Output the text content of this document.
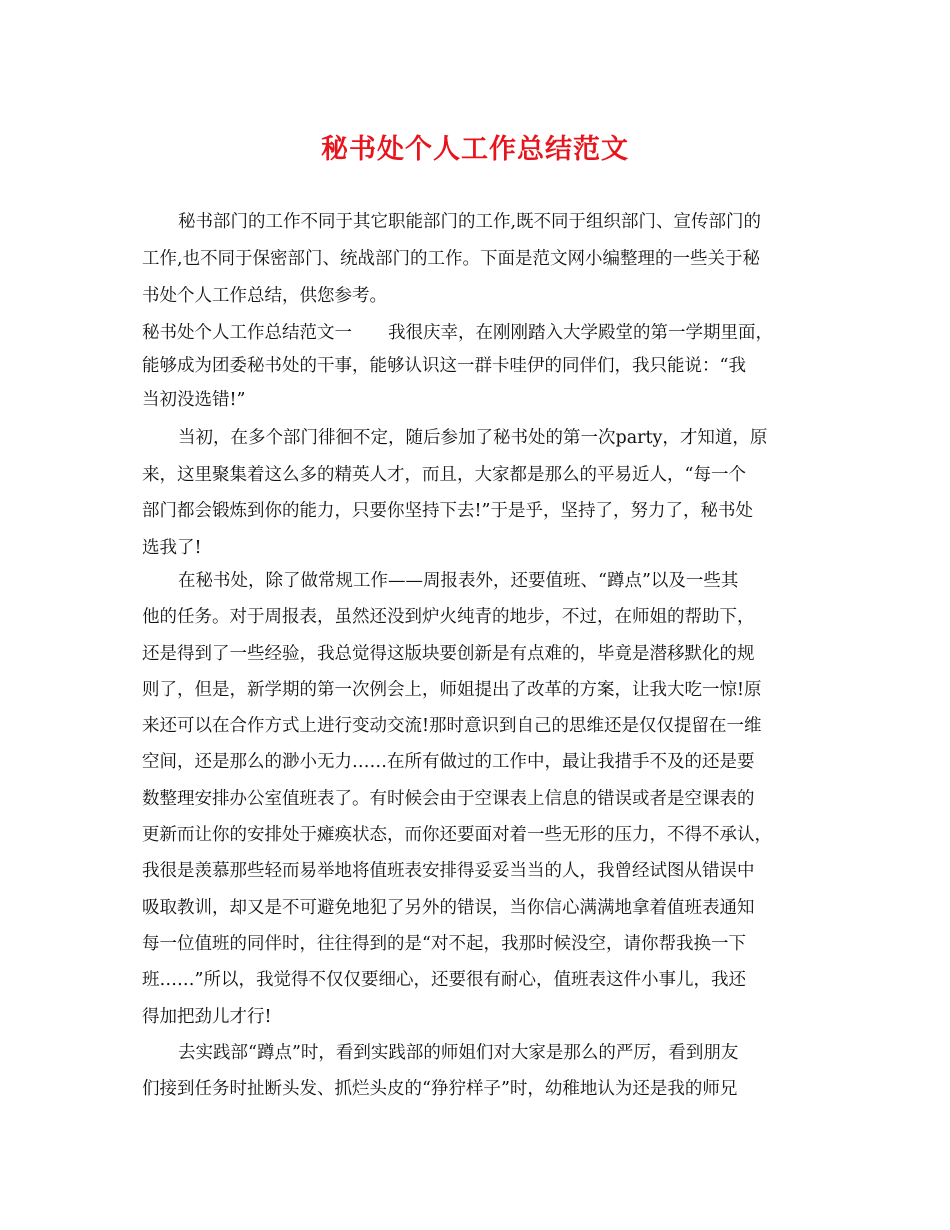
秘书处个人工作总结范文
秘书部门的工作不同于其它职能部门的工作,既不同于组织部门、宣传部门的
工作,也不同于保密部门、统战部门的工作。下面是范文网小编整理的一些关于秘
书处个人工作总结，供您参考。
秘书处个人工作总结范文一 我很庆幸，在刚刚踏入大学殿堂的第一学期里面，
能够成为团委秘书处的干事，能够认识这一群卡哇伊的同伴们，我只能说：“我
当初没选错!”
当初，在多个部门徘徊不定，随后参加了秘书处的第一次party，才知道，原
来，这里聚集着这么多的精英人才，而且，大家都是那么的平易近人，“每一个
部门都会锻炼到你的能力，只要你坚持下去!”于是乎，坚持了，努力了，秘书处
选我了!
在秘书处，除了做常规工作——周报表外，还要值班、“蹲点”以及一些其
他的任务。对于周报表，虽然还没到炉火纯青的地步，不过，在师姐的帮助下，
还是得到了一些经验，我总觉得这版块要创新是有点难的，毕竟是潜移默化的规
则了，但是，新学期的第一次例会上，师姐提出了改革的方案，让我大吃一惊!原
来还可以在合作方式上进行变动交流!那时意识到自己的思维还是仅仅提留在一维
空间，还是那么的渺小无力……在所有做过的工作中，最让我措手不及的还是要
数整理安排办公室值班表了。有时候会由于空课表上信息的错误或者是空课表的
更新而让你的安排处于瘫痪状态，而你还要面对着一些无形的压力，不得不承认，
我很是羡慕那些轻而易举地将值班表安排得妥妥当当的人，我曾经试图从错误中
吸取教训，却又是不可避免地犯了另外的错误，当你信心满满地拿着值班表通知
每一位值班的同伴时，往往得到的是“对不起，我那时候没空，请你帮我换一下
班……”所以，我觉得不仅仅要细心，还要很有耐心，值班表这件小事儿，我还
得加把劲儿才行!
去实践部“蹲点”时，看到实践部的师姐们对大家是那么的严厉，看到朋友
们接到任务时扯断头发、抓烂头皮的“狰狞样子”时，幼稚地认为还是我的师兄
